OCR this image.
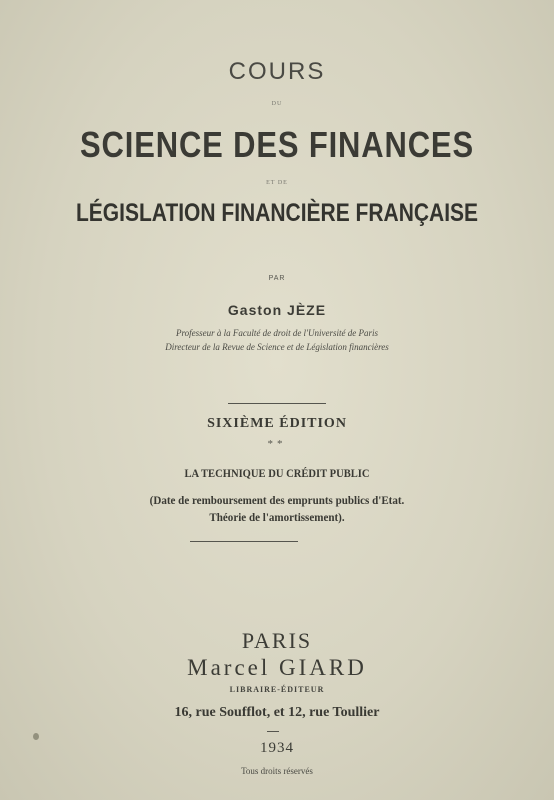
COURS
DU
SCIENCE DES FINANCES
ET DE
LÉGISLATION FINANCIÈRE FRANÇAISE
PAR
Gaston JÈZE
Professeur à la Faculté de droit de l'Université de Paris
Directeur de la Revue de Science et de Législation financières
SIXIÈME ÉDITION
**
LA TECHNIQUE DU CRÉDIT PUBLIC
(Date de remboursement des emprunts publics d'Etat.
Théorie de l'amortissement).
PARIS
Marcel GIARD
LIBRAIRE-ÉDITEUR
16, rue Soufflot, et 12, rue Toullier
1934
Tous droits réservés
